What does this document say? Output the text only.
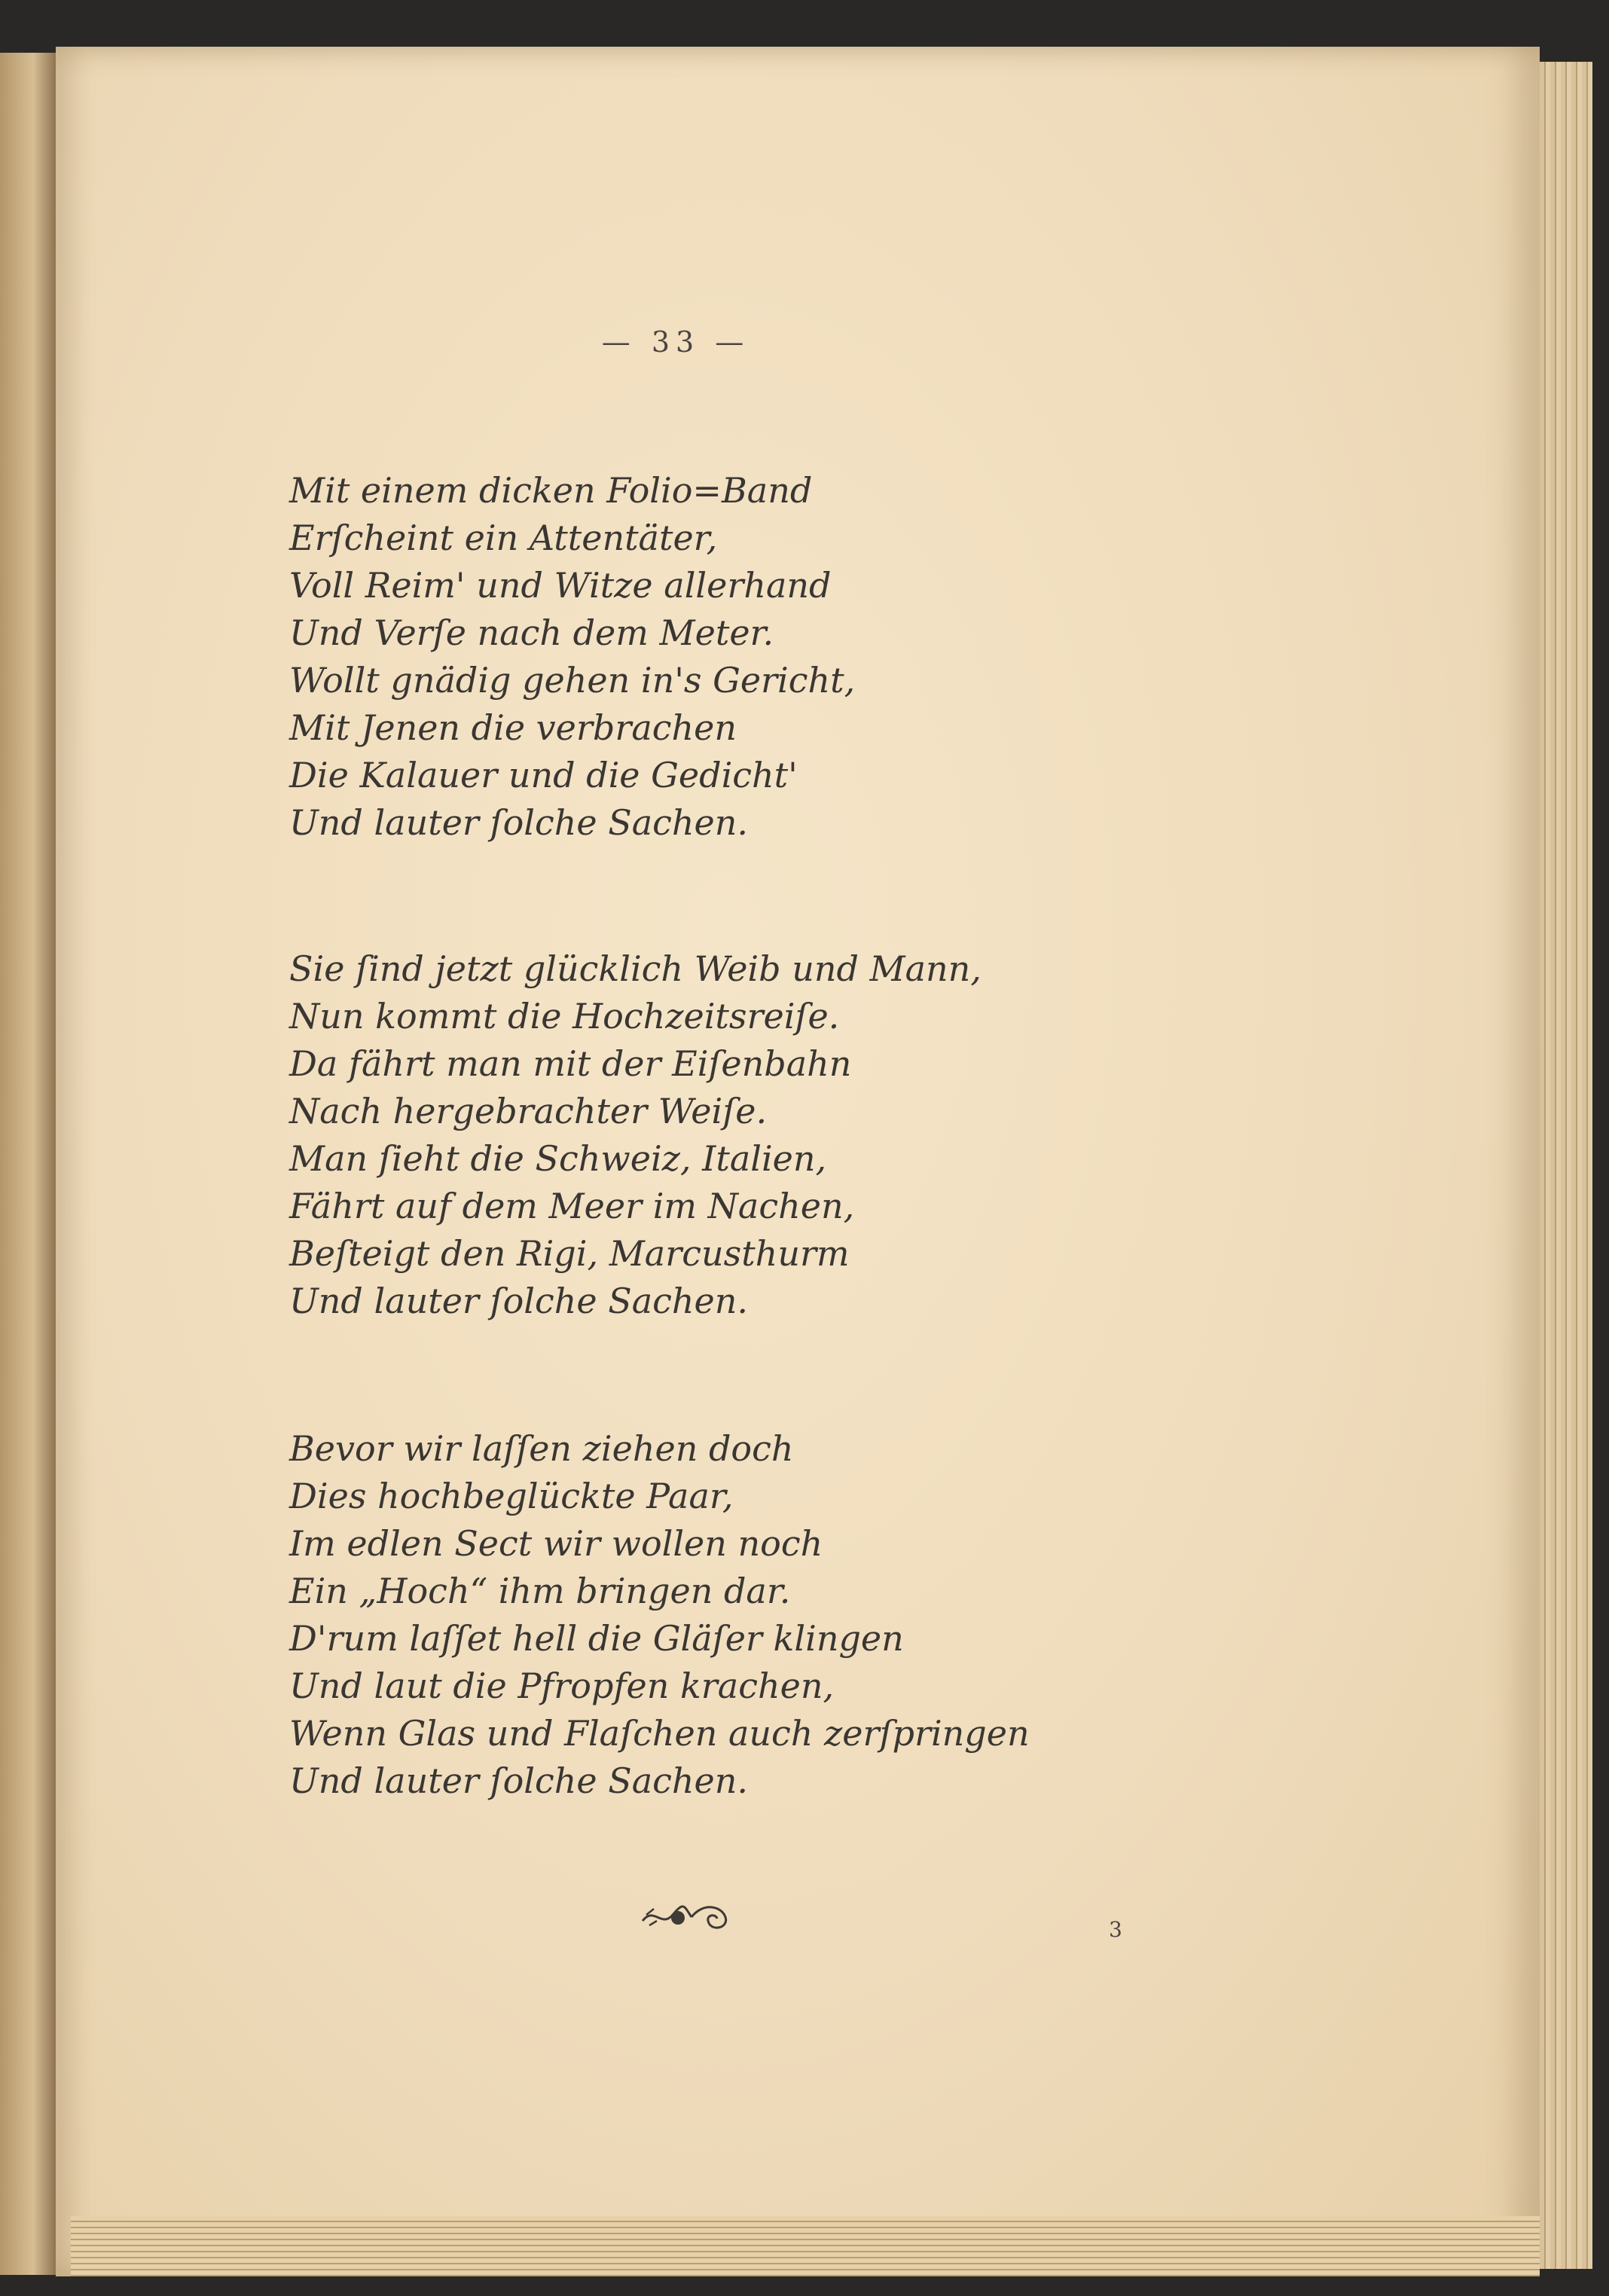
— 33 —
Mit einem dicken Folio=Band
Erſcheint ein Attentäter,
Voll Reim' und Witze allerhand
Und Verſe nach dem Meter.
Wollt gnädig gehen in's Gericht,
Mit Jenen die verbrachen
Die Kalauer und die Gedicht'
Und lauter ſolche Sachen.
Sie ſind jetzt glücklich Weib und Mann,
Nun kommt die Hochzeitsreiſe.
Da fährt man mit der Eiſenbahn
Nach hergebrachter Weiſe.
Man ſieht die Schweiz, Italien,
Fährt auf dem Meer im Nachen,
Beſteigt den Rigi, Marcusthurm
Und lauter ſolche Sachen.
Bevor wir laſſen ziehen doch
Dies hochbeglückte Paar,
Im edlen Sect wir wollen noch
Ein „Hoch“ ihm bringen dar.
D'rum laſſet hell die Gläſer klingen
Und laut die Pfropfen krachen,
Wenn Glas und Flaſchen auch zerſpringen
Und lauter ſolche Sachen.
3
